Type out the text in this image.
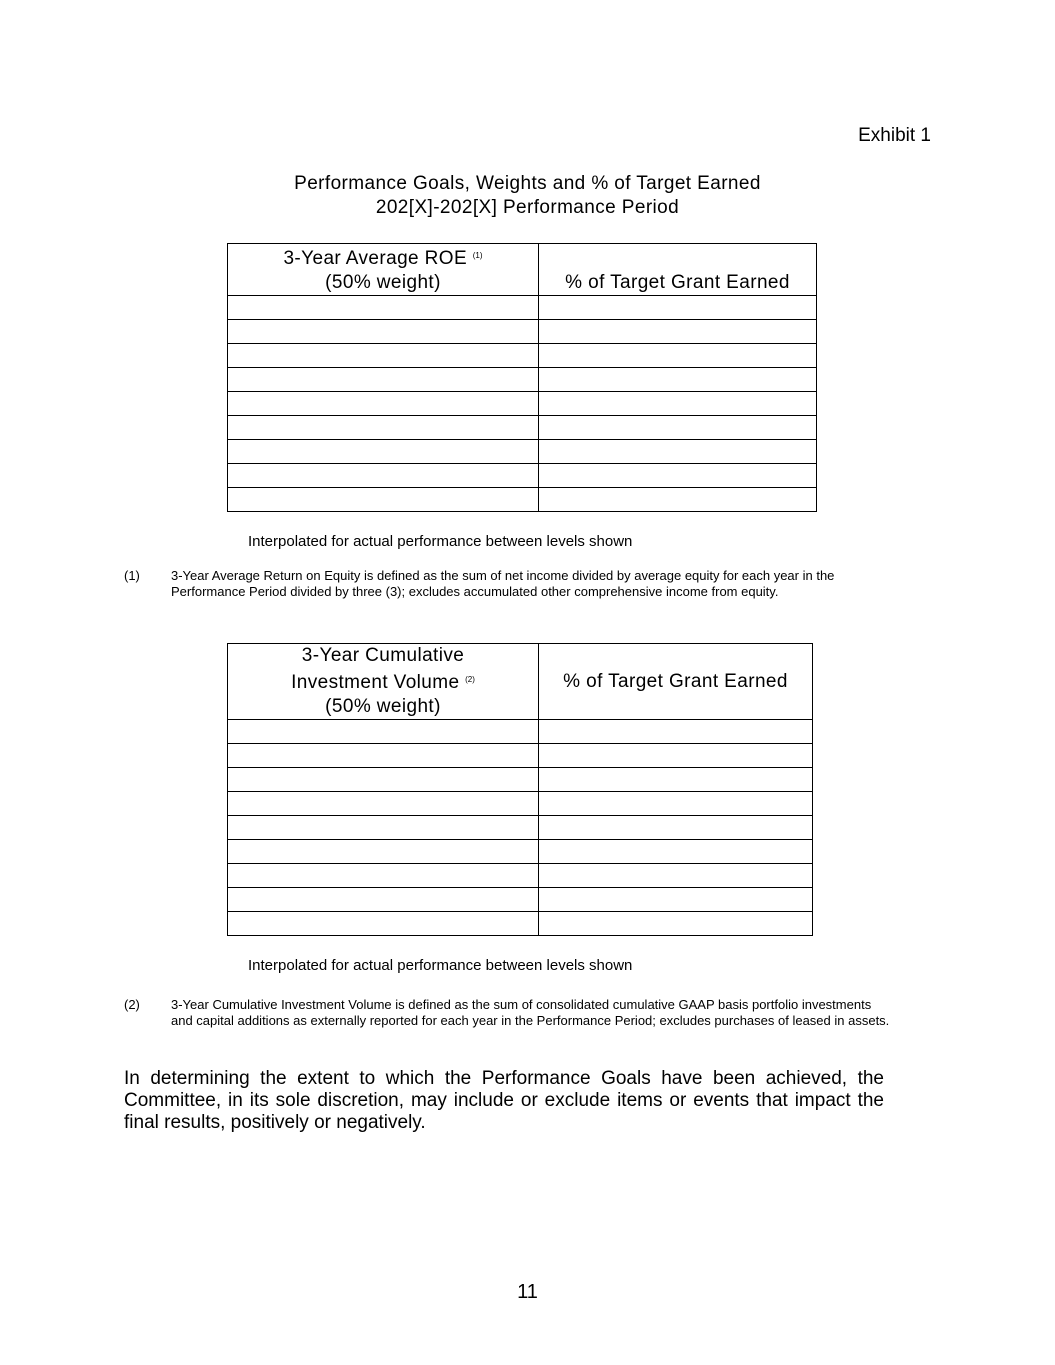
Exhibit 1
Performance Goals, Weights and % of Target Earned
202[X]-202[X] Performance Period
3-Year Average ROE $^{(1)}$
(50% weight)	% of Target Grant Earned

Interpolated for actual performance between levels shown
(1) 3-Year Average Return on Equity is defined as the sum of net income divided by average equity for each year in the Performance Period divided by three (3); excludes accumulated other comprehensive income from equity.
3-Year Cumulative
Investment Volume $^{(2)}$
(50% weight)	% of Target Grant Earned

Interpolated for actual performance between levels shown
(2) 3-Year Cumulative Investment Volume is defined as the sum of consolidated cumulative GAAP basis portfolio investments and capital additions as externally reported for each year in the Performance Period; excludes purchases of leased in assets.
In determining the extent to which the Performance Goals have been achieved, the Committee, in its sole discretion, may include or exclude items or events that impact the final results, positively or negatively.
11
